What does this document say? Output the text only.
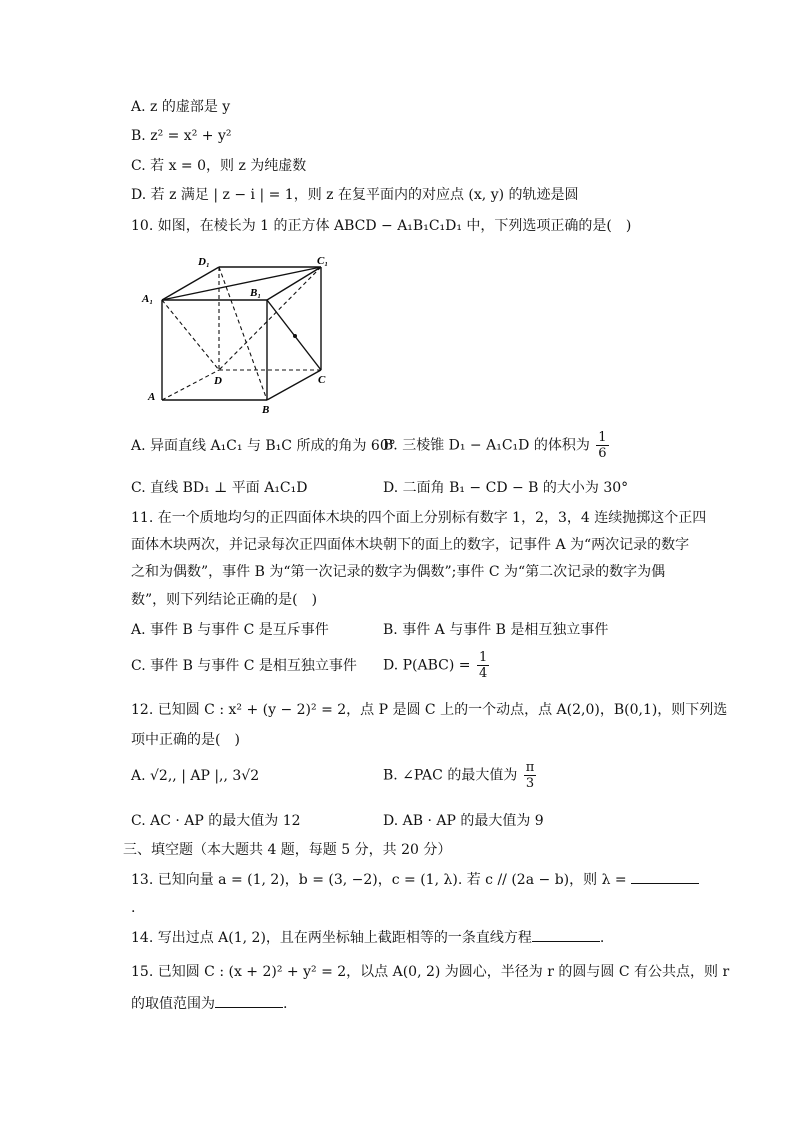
A. z 的虚部是 y
B. z² = x² + y²
C. 若 x = 0，则 z 为纯虚数
D. 若 z 满足 | z − i | = 1，则 z 在复平面内的对应点 (x, y) 的轨迹是圆
10. 如图，在棱长为 1 的正方体 ABCD − A₁B₁C₁D₁ 中，下列选项正确的是(　)
D₁	C₁
A₁	B₁
D	C
A
B
A. 异面直线 A₁C₁ 与 B₁C 所成的角为 60°
B. 三棱锥 D₁ − A₁C₁D 的体积为 $\frac{1}{6}$
C. 直线 BD₁ ⊥ 平面 A₁C₁D	D. 二面角 B₁ − CD − B 的大小为 30°
11. 在一个质地均匀的正四面体木块的四个面上分别标有数字 1，2，3，4 连续抛掷这个正四
面体木块两次，并记录每次正四面体木块朝下的面上的数字，记事件 A 为“两次记录的数字
之和为偶数”，事件 B 为“第一次记录的数字为偶数”;事件 C 为“第二次记录的数字为偶
数”，则下列结论正确的是(　)
A. 事件 B 与事件 C 是互斥事件	B. 事件 A 与事件 B 是相互独立事件
C. 事件 B 与事件 C 是相互独立事件 D. $P(ABC) = \frac{1}{4}$
12. 已知圆 C : x² + (y − 2)² = 2，点 P 是圆 C 上的一个动点，点 A(2,0)，B(0,1)，则下列选
项中正确的是(　)
A. √2,, | AP |,, 3√2	B. ∠PAC 的最大值为 $\frac{\pi}{3}$
C. AC · AP 的最大值为 12	D. AB · AP 的最大值为 9
三、填空题（本大题共 4 题，每题 5 分，共 20 分）
13. 已知向量 a = (1, 2)，b = (3, −2)，c = (1, λ). 若 c // (2a − b)，则 λ =
.
14. 写出过点 A(1, 2)，且在两坐标轴上截距相等的一条直线方程	.
15. 已知圆 C : (x + 2)² + y² = 2，以点 A(0, 2) 为圆心，半径为 r 的圆与圆 C 有公共点，则 r
的取值范围为	.
